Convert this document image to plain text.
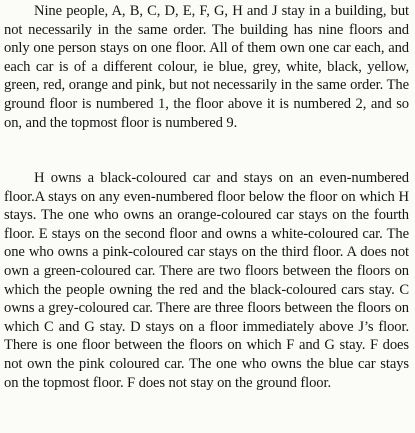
Nine people, A, B, C, D, E, F, G, H and J stay in a building, but not necessarily in the same order. The building has nine floors and only one person stays on one floor. All of them own one car each, and each car is of a different colour, ie blue, grey, white, black, yellow, green, red, orange and pink, but not necessarily in the same order. The ground floor is numbered 1, the floor above it is numbered 2, and so on, and the topmost floor is numbered 9.

H owns a black-coloured car and stays on an even-numbered floor.A stays on any even-numbered floor below the floor on which H stays. The one who owns an orange-coloured car stays on the fourth floor. E stays on the second floor and owns a white-coloured car. The one who owns a pink-coloured car stays on the third floor. A does not own a green-coloured car. There are two floors between the floors on which the people owning the red and the black-coloured cars stay. C owns a grey-coloured car. There are three floors between the floors on which C and G stay. D stays on a floor immediately above J’s floor. There is one floor between the floors on which F and G stay. F does not own the pink coloured car. The one who owns the blue car stays on the topmost floor. F does not stay on the ground floor.
